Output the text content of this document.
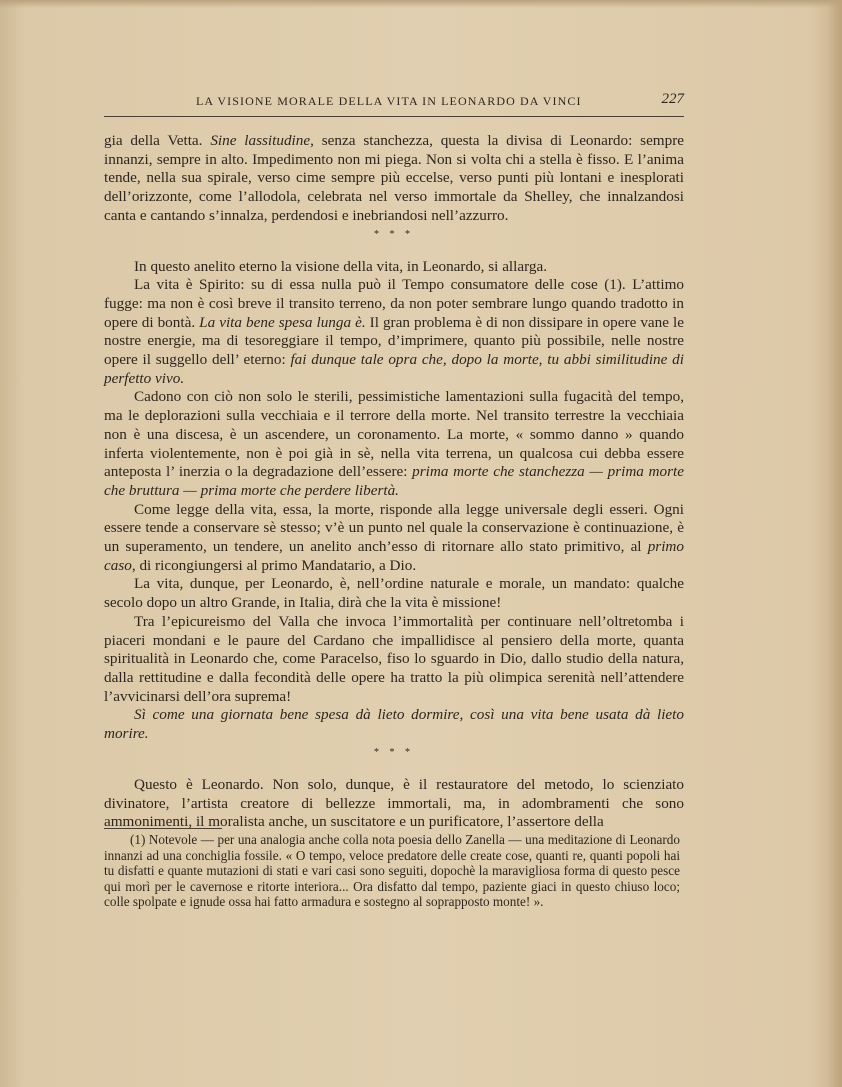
LA VISIONE MORALE DELLA VITA IN LEONARDO DA VINCI	227

gia della Vetta. Sine lassitudine, senza stanchezza, questa la divisa di Leonardo: sempre innanzi, sempre in alto. Impedimento non mi piega. Non si volta chi a stella è fisso. E l’anima tende, nella sua spirale, verso cime sempre più eccelse, verso punti più lontani e inesplorati dell’orizzonte, come l’allodola, celebrata nel verso immortale da Shelley, che innalzandosi canta e cantando s’innalza, perdendosi e inebriandosi nell’azzurro.

* * *

In questo anelito eterno la visione della vita, in Leonardo, si allarga.

La vita è Spirito: su di essa nulla può il Tempo consumatore delle cose (1). L’attimo fugge: ma non è così breve il transito terreno, da non poter sembrare lungo quando tradotto in opere di bontà. La vita bene spesa lunga è. Il gran problema è di non dissipare in opere vane le nostre energie, ma di tesoreggiare il tempo, d’imprimere, quanto più possibile, nelle nostre opere il suggello dell’ eterno: fai dunque tale opra che, dopo la morte, tu abbi similitudine di perfetto vivo.

Cadono con ciò non solo le sterili, pessimistiche lamentazioni sulla fugacità del tempo, ma le deplorazioni sulla vecchiaia e il terrore della morte. Nel transito terrestre la vecchiaia non è una discesa, è un ascendere, un coronamento. La morte, « sommo danno » quando inferta violentemente, non è poi già in sè, nella vita terrena, un qualcosa cui debba essere anteposta l’ inerzia o la degradazione dell’essere: prima morte che stanchezza — prima morte che bruttura — prima morte che perdere libertà.

Come legge della vita, essa, la morte, risponde alla legge universale degli esseri. Ogni essere tende a conservare sè stesso; v’è un punto nel quale la conservazione è continuazione, è un superamento, un tendere, un anelito anch’esso di ritornare allo stato primitivo, al primo caso, di ricongiungersi al primo Mandatario, a Dio.

La vita, dunque, per Leonardo, è, nell’ordine naturale e morale, un mandato: qualche secolo dopo un altro Grande, in Italia, dirà che la vita è missione!

Tra l’epicureismo del Valla che invoca l’immortalità per continuare nell’oltretomba i piaceri mondani e le paure del Cardano che impallidisce al pensiero della morte, quanta spiritualità in Leonardo che, come Paracelso, fiso lo sguardo in Dio, dallo studio della natura, dalla rettitudine e dalla fecondità delle opere ha tratto la più olimpica serenità nell’attendere l’avvicinarsi dell’ora suprema!

Sì come una giornata bene spesa dà lieto dormire, così una vita bene usata dà lieto morire.

* * *

Questo è Leonardo. Non solo, dunque, è il restauratore del metodo, lo scienziato divinatore, l’artista creatore di bellezze immortali, ma, in adombramenti che sono ammonimenti, il moralista anche, un suscitatore e un purificatore, l’assertore della

(1) Notevole — per una analogia anche colla nota poesia dello Zanella — una meditazione di Leonardo innanzi ad una conchiglia fossile. « O tempo, veloce predatore delle create cose, quanti re, quanti popoli hai tu disfatti e quante mutazioni di stati e vari casi sono seguiti, dopochè la maravigliosa forma di questo pesce qui morì per le cavernose e ritorte interiora... Ora disfatto dal tempo, paziente giaci in questo chiuso loco; colle spolpate e ignude ossa hai fatto armadura e sostegno al soprapposto monte! ».
